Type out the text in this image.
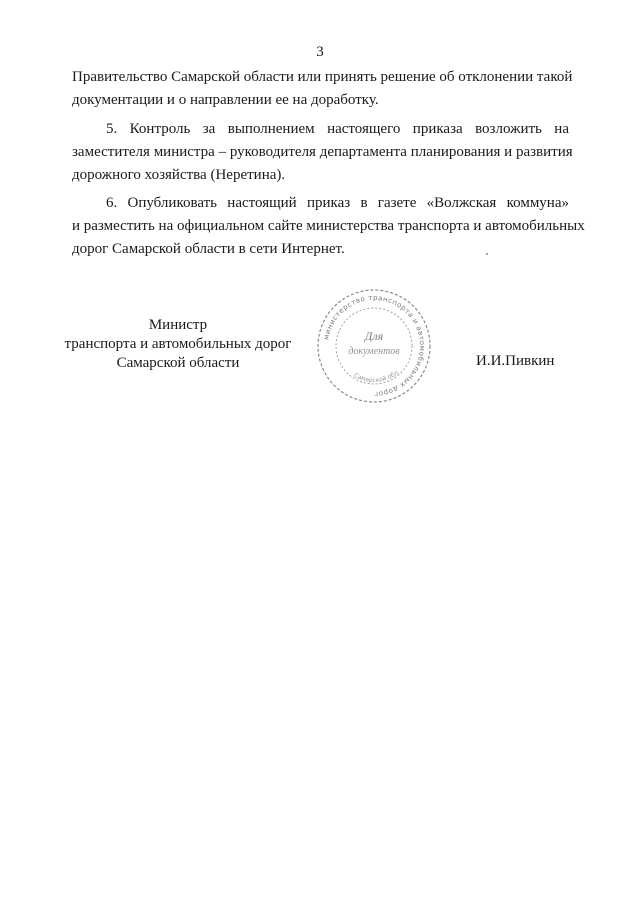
3

Правительство Самарской области или принять решение об отклонении такой
документации и о направлении ее на доработку.

5. Контроль за выполнением настоящего приказа возложить на
заместителя министра – руководителя департамента планирования и развития
дорожного хозяйства (Неретина).

6. Опубликовать настоящий приказ в газете «Волжская коммуна»
и разместить на официальном сайте министерства транспорта и автомобильных
дорог Самарской области в сети Интернет.

Министр
транспорта и автомобильных дорог
Самарской области
министерство транспорта и автомобильных дорог
Для
документов
Самарской обл.
И.И.Пивкин
